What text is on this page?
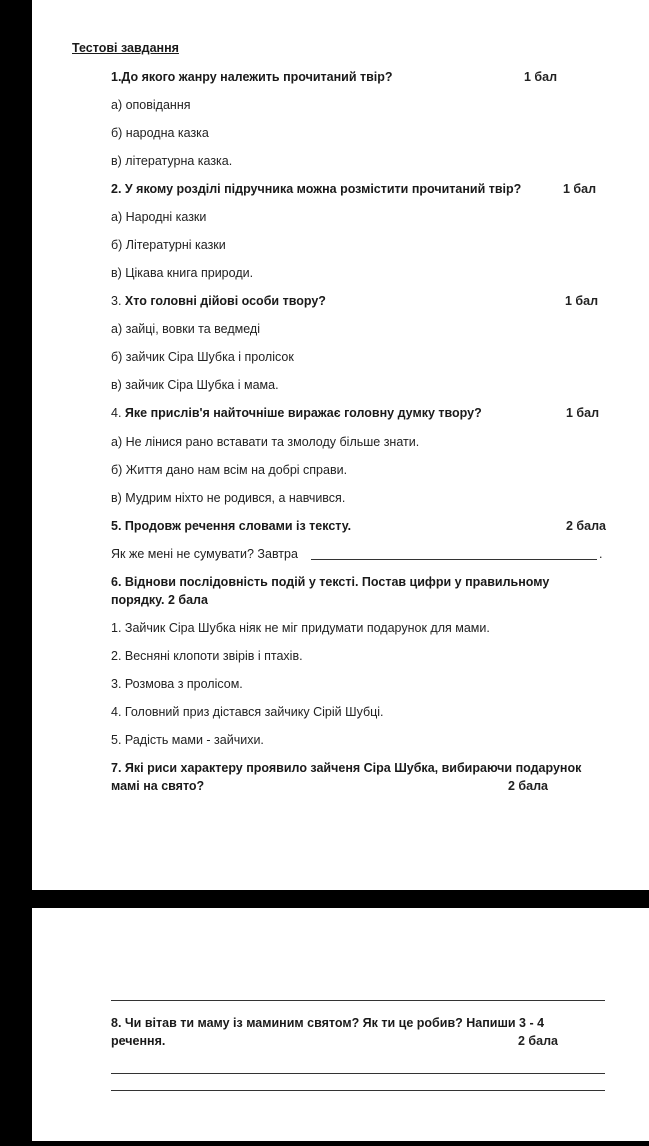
Тестові завдання
1.До якого жанру належить прочитаний твір?	1 бал
а) оповідання
б) народна казка
в) літературна казка.
2. У якому розділі підручника можна розмістити прочитаний твір?	1 бал
а) Народні казки
б) Літературні казки
в) Цікава книга природи.
3. Хто головні дійові особи твору?	1 бал
а) зайці, вовки та ведмеді
б) зайчик Сіра Шубка і пролісок
в) зайчик Сіра Шубка і мама.
4. Яке прислів'я найточніше виражає головну думку твору?	1 бал
а) Не лінися рано вставати та змолоду більше знати.
б) Життя дано нам всім на добрі справи.
в) Мудрим ніхто не родився, а навчився.
5. Продовж речення словами із тексту.	2 бала
Як же мені не сумувати? Завтра	.
6. Віднови послідовність подій у тексті. Постав цифри у правильному
порядку. 2 бала
1. Зайчик Сіра Шубка ніяк не міг придумати подарунок для мами.
2. Весняні клопоти звірів і птахів.
3. Розмова з пролісом.
4. Головний приз дістався зайчику Сірій Шубці.
5. Радість мами - зайчихи.
7. Які риси характеру проявило зайченя Сіра Шубка, вибираючи подарунок
мамі на свято?	2 бала
8. Чи вітав ти маму із маминим святом? Як ти це робив? Напиши 3 - 4
речення.	2 бала
